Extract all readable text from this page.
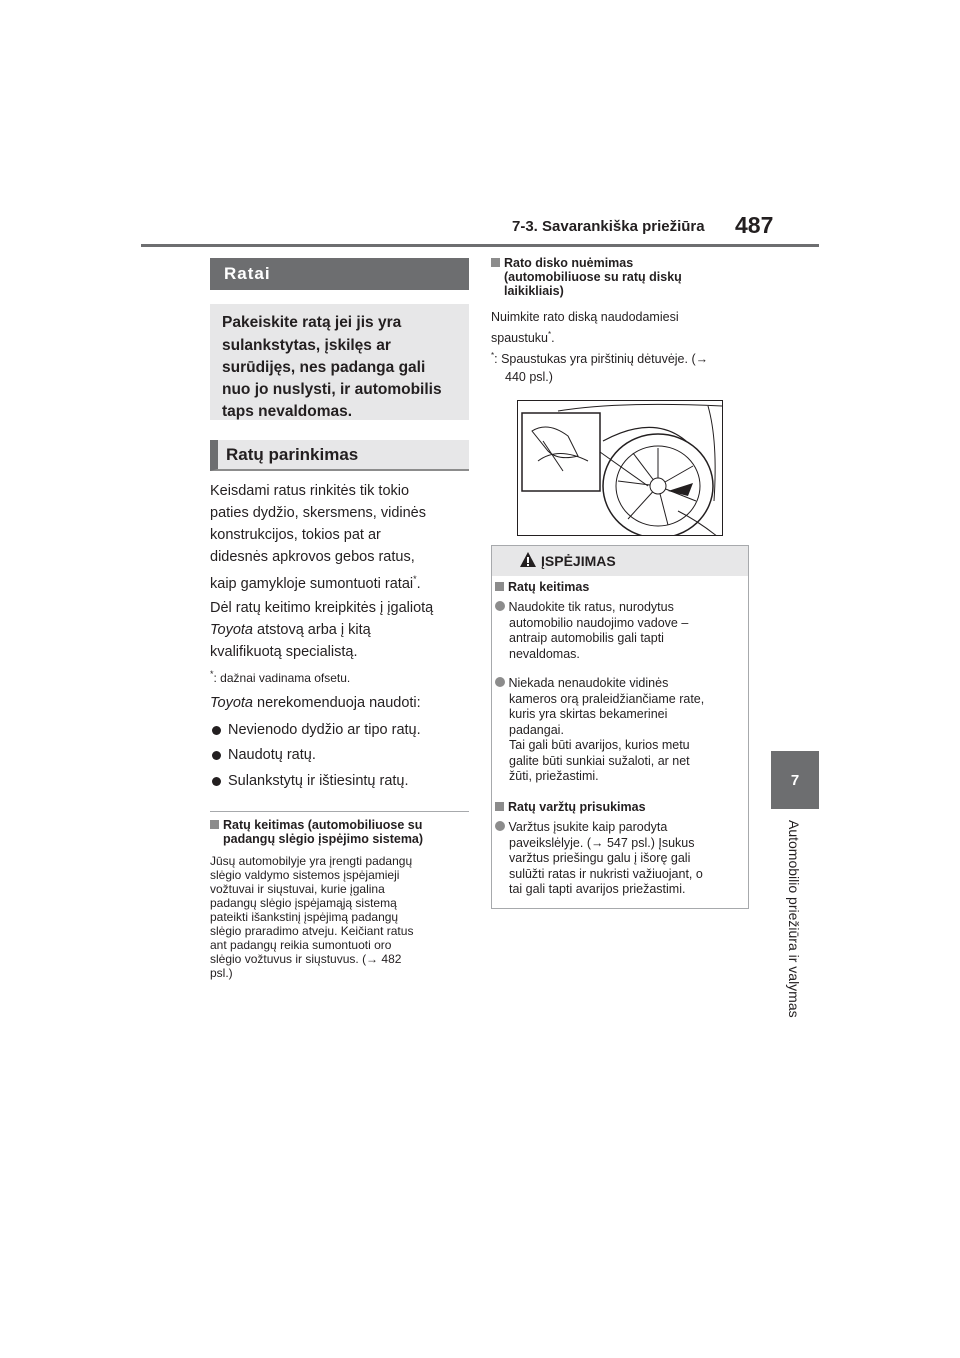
7-3. Savarankiška priežiūra 487
7
Automobilio priežiūra ir valymas
Ratai
Pakeiskite ratą jei jis yra
sulankstytas, įskilęs ar
surūdijęs, nes padanga gali
nuo jo nuslysti, ir automobilis
taps nevaldomas.
Ratų parinkimas
Keisdami ratus rinkitės tik tokio
paties dydžio, skersmens, vidinės
konstrukcijos, tokios pat ar
didesnės apkrovos gebos ratus,
kaip gamykloje sumontuoti ratai*.
Dėl ratų keitimo kreipkitės į įgaliotą
Toyota atstovą arba į kitą
kvalifikuotą specialistą.
*: dažnai vadinama ofsetu.
Toyota nerekomenduoja naudoti:
Nevienodo dydžio ar tipo ratų.
Naudotų ratų.
Sulankstytų ir ištiesintų ratų.
Ratų keitimas (automobiliuose su
padangų slėgio įspėjimo sistema)
Jūsų automobilyje yra įrengti padangų
slėgio valdymo sistemos įspėjamieji
vožtuvai ir siųstuvai, kurie įgalina
padangų slėgio įspėjamąją sistemą
pateikti išankstinį įspėjimą padangų
slėgio praradimo atveju. Keičiant ratus
ant padangų reikia sumontuoti oro
slėgio vožtuvus ir siųstuvus. (→ 482
psl.)
Rato disko nuėmimas
(automobiliuose su ratų diskų
laikikliais)
Nuimkite rato diską naudodamiesi
spaustuku*.
*: Spaustukas yra pirštinių dėtuvėje. (→
440 psl.)
ĮSPĖJIMAS
Ratų keitimas
Naudokite tik ratus, nurodytus
automobilio naudojimo vadove –
antraip automobilis gali tapti
nevaldomas.
Niekada nenaudokite vidinės
kameros orą praleidžiančiame rate,
kuris yra skirtas bekamerinei
padangai.
Tai gali būti avarijos, kurios metu
galite būti sunkiai sužaloti, ar net
žūti, priežastimi.
Ratų varžtų prisukimas
Varžtus įsukite kaip parodyta
paveikslėlyje. (→ 547 psl.) Įsukus
varžtus priešingu galu į išorę gali
sulūžti ratas ir nukristi važiuojant, o
tai gali tapti avarijos priežastimi.
